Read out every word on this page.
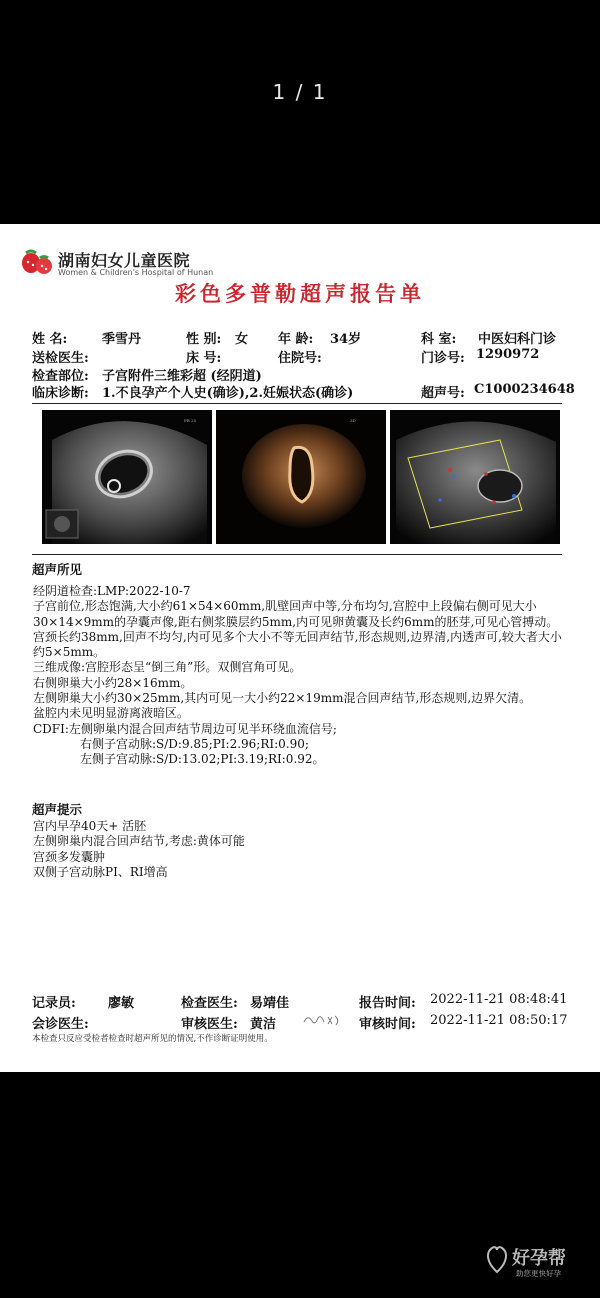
1 / 1
湖南妇女儿童医院
Women & Children's Hospital of Hunan
彩色多普勒超声报告单
姓 名:	季雪丹	性 别: 女 年 龄: 34岁	科 室: 中医妇科门诊
送检医生:	床 号:	住院号:	门诊号: 1290972
检查部位: 子宫附件三维彩超 (经阴道)
临床诊断: 1.不良孕产个人史(确诊),2.妊娠状态(确诊)	超声号: C1000234648
FR 25	3D
超声所见
经阴道检查:LMP:2022-10-7
子宫前位,形态饱满,大小约61×54×60mm,肌壁回声中等,分布均匀,宫腔中上段偏右侧可见大小30×14×9mm的孕囊声像,距右侧浆膜层约5mm,内可见卵黄囊及长约6mm的胚芽,可见心管搏动。
宫颈长约38mm,回声不均匀,内可见多个大小不等无回声结节,形态规则,边界清,内透声可,较大者大小约5×5mm。
三维成像:宫腔形态呈“倒三角”形。双侧宫角可见。
右侧卵巢大小约28×16mm。
左侧卵巢大小约30×25mm,其内可见一大小约22×19mm混合回声结节,形态规则,边界欠清。
盆腔内未见明显游离液暗区。
CDFI:左侧卵巢内混合回声结节周边可见半环绕血流信号;
右侧子宫动脉:S/D:9.85;PI:2.96;RI:0.90;
左侧子宫动脉:S/D:13.02;PI:3.19;RI:0.92。
超声提示
宫内早孕40天+ 活胚
左侧卵巢内混合回声结节,考虑:黄体可能
宫颈多发囊肿
双侧子宫动脉PI、RI增高
记录员: 廖敏	检查医生: 易靖佳	报告时间: 2022-11-21 08:48:41
会诊医生:	审核医生: 黄洁	审核时间: 2022-11-21 08:50:17
本检查只反应受检者检查时超声所见的情况,不作诊断证明使用。
好孕帮
助您更快好孕
